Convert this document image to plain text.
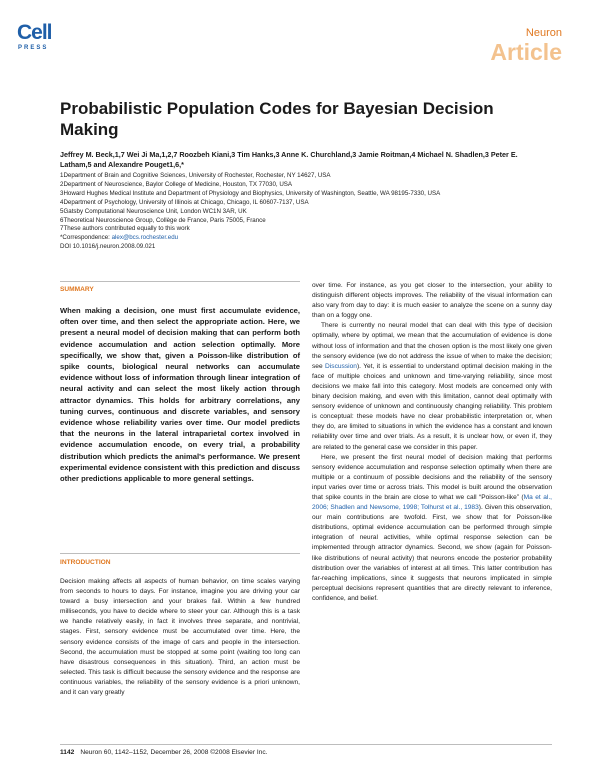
Cell
PRESS
Neuron
Article
Probabilistic Population Codes for Bayesian Decision Making
Jeffrey M. Beck,1,7 Wei Ji Ma,1,2,7 Roozbeh Kiani,3 Tim Hanks,3 Anne K. Churchland,3 Jamie Roitman,4 Michael N. Shadlen,3 Peter E. Latham,5 and Alexandre Pouget1,6,*
1Department of Brain and Cognitive Sciences, University of Rochester, Rochester, NY 14627, USA
2Department of Neuroscience, Baylor College of Medicine, Houston, TX 77030, USA
3Howard Hughes Medical Institute and Department of Physiology and Biophysics, University of Washington, Seattle, WA 98195-7330, USA
4Department of Psychology, University of Illinois at Chicago, Chicago, IL 60607-7137, USA
5Gatsby Computational Neuroscience Unit, London WC1N 3AR, UK
6Theoretical Neuroscience Group, Collège de France, Paris 75005, France
7These authors contributed equally to this work
*Correspondence: alex@bcs.rochester.edu
DOI 10.1016/j.neuron.2008.09.021
SUMMARY
When making a decision, one must first accumulate evidence, often over time, and then select the appropriate action. Here, we present a neural model of decision making that can perform both evidence accumulation and action selection optimally. More specifically, we show that, given a Poisson-like distribution of spike counts, biological neural networks can accumulate evidence without loss of information through linear integration of neural activity and can select the most likely action through attractor dynamics. This holds for arbitrary correlations, any tuning curves, continuous and discrete variables, and sensory evidence whose reliability varies over time. Our model predicts that the neurons in the lateral intraparietal cortex involved in evidence accumulation encode, on every trial, a probability distribution which predicts the animal's performance. We present experimental evidence consistent with this prediction and discuss other predictions applicable to more general settings.
INTRODUCTION
Decision making affects all aspects of human behavior, on time scales varying from seconds to hours to days. For instance, imagine you are driving your car toward a busy intersection and your brakes fail. Within a few hundred milliseconds, you have to decide where to steer your car. Although this is a task we handle relatively easily, in fact it involves three separate, and nontrivial, stages. First, sensory evidence must be accumulated over time. Here, the sensory evidence consists of the image of cars and people in the intersection. Second, the accumulation must be stopped at some point (waiting too long can have disastrous consequences in this situation). Third, an action must be selected. This task is difficult because the sensory evidence and the response are continuous variables, the reliability of the sensory evidence is a priori unknown, and it can vary greatly

over time. For instance, as you get closer to the intersection, your ability to distinguish different objects improves. The reliability of the visual information can also vary from day to day: it is much easier to analyze the scene on a sunny day than on a foggy one.

There is currently no neural model that can deal with this type of decision optimally, where by optimal, we mean that the accumulation of evidence is done without loss of information and that the chosen option is the most likely one given the sensory evidence (we do not address the issue of when to make the decision; see Discussion). Yet, it is essential to understand optimal decision making in the face of multiple choices and unknown and time-varying reliability, since most decisions we make fall into this category. Most models are concerned only with binary decision making, and even with this limitation, cannot deal optimally with sensory evidence of unknown and continuously changing reliability. This problem is conceptual: these models have no clear probabilistic interpretation or, when they do, are limited to situations in which the evidence has a constant and known reliability over time and over trials. As a result, it is unclear how, or even if, they are related to the general case we consider in this paper.

Here, we present the first neural model of decision making that performs sensory evidence accumulation and response selection optimally when there are multiple or a continuum of possible decisions and the reliability of the sensory input varies over time or across trials. This model is built around the observation that spike counts in the brain are close to what we call “Poisson-like” (Ma et al., 2006; Shadlen and Newsome, 1998; Tolhurst et al., 1983). Given this observation, our main contributions are twofold. First, we show that for Poisson-like distributions, optimal evidence accumulation can be performed through simple integration of neural activities, while optimal response selection can be implemented through attractor dynamics. Second, we show (again for Poisson-like distributions of neural activity) that neurons encode the posterior probability distribution over the variables of interest at all times. This latter contribution has far-reaching implications, since it suggests that neurons implicated in simple perceptual decisions represent quantities that are directly relevant to inference, confidence, and belief.

1142 Neuron 60, 1142–1152, December 26, 2008 ©2008 Elsevier Inc.
